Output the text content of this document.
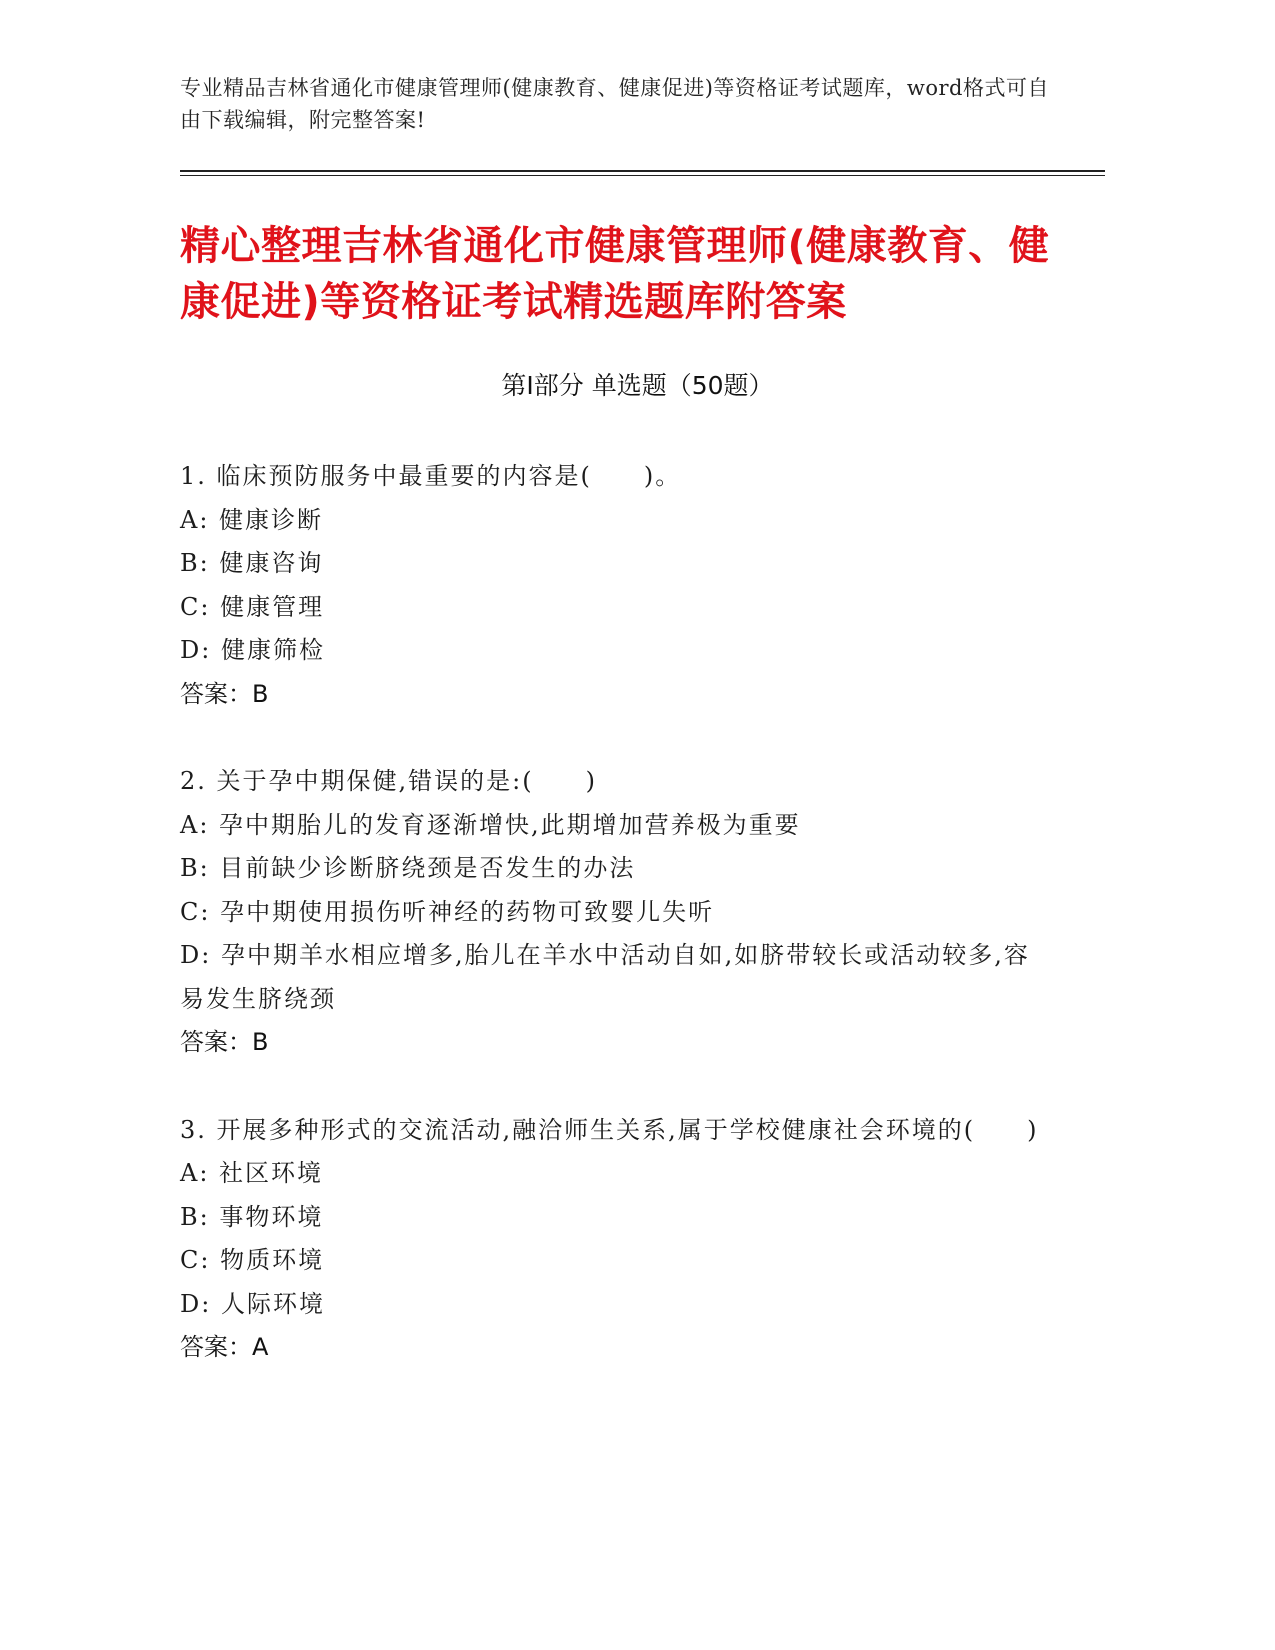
专业精品吉林省通化市健康管理师(健康教育、健康促进)等资格证考试题库，word格式可自由下载编辑，附完整答案!
精心整理吉林省通化市健康管理师(健康教育、健康促进)等资格证考试精选题库附答案
第Ⅰ部分 单选题（50题）
1. 临床预防服务中最重要的内容是(　　)。
A: 健康诊断
B: 健康咨询
C: 健康管理
D: 健康筛检
答案：B
2. 关于孕中期保健,错误的是:(　　)
A: 孕中期胎儿的发育逐渐增快,此期增加营养极为重要
B: 目前缺少诊断脐绕颈是否发生的办法
C: 孕中期使用损伤听神经的药物可致婴儿失听
D: 孕中期羊水相应增多,胎儿在羊水中活动自如,如脐带较长或活动较多,容易发生脐绕颈
答案：B
3. 开展多种形式的交流活动,融洽师生关系,属于学校健康社会环境的(　　)
A: 社区环境
B: 事物环境
C: 物质环境
D: 人际环境
答案：A
